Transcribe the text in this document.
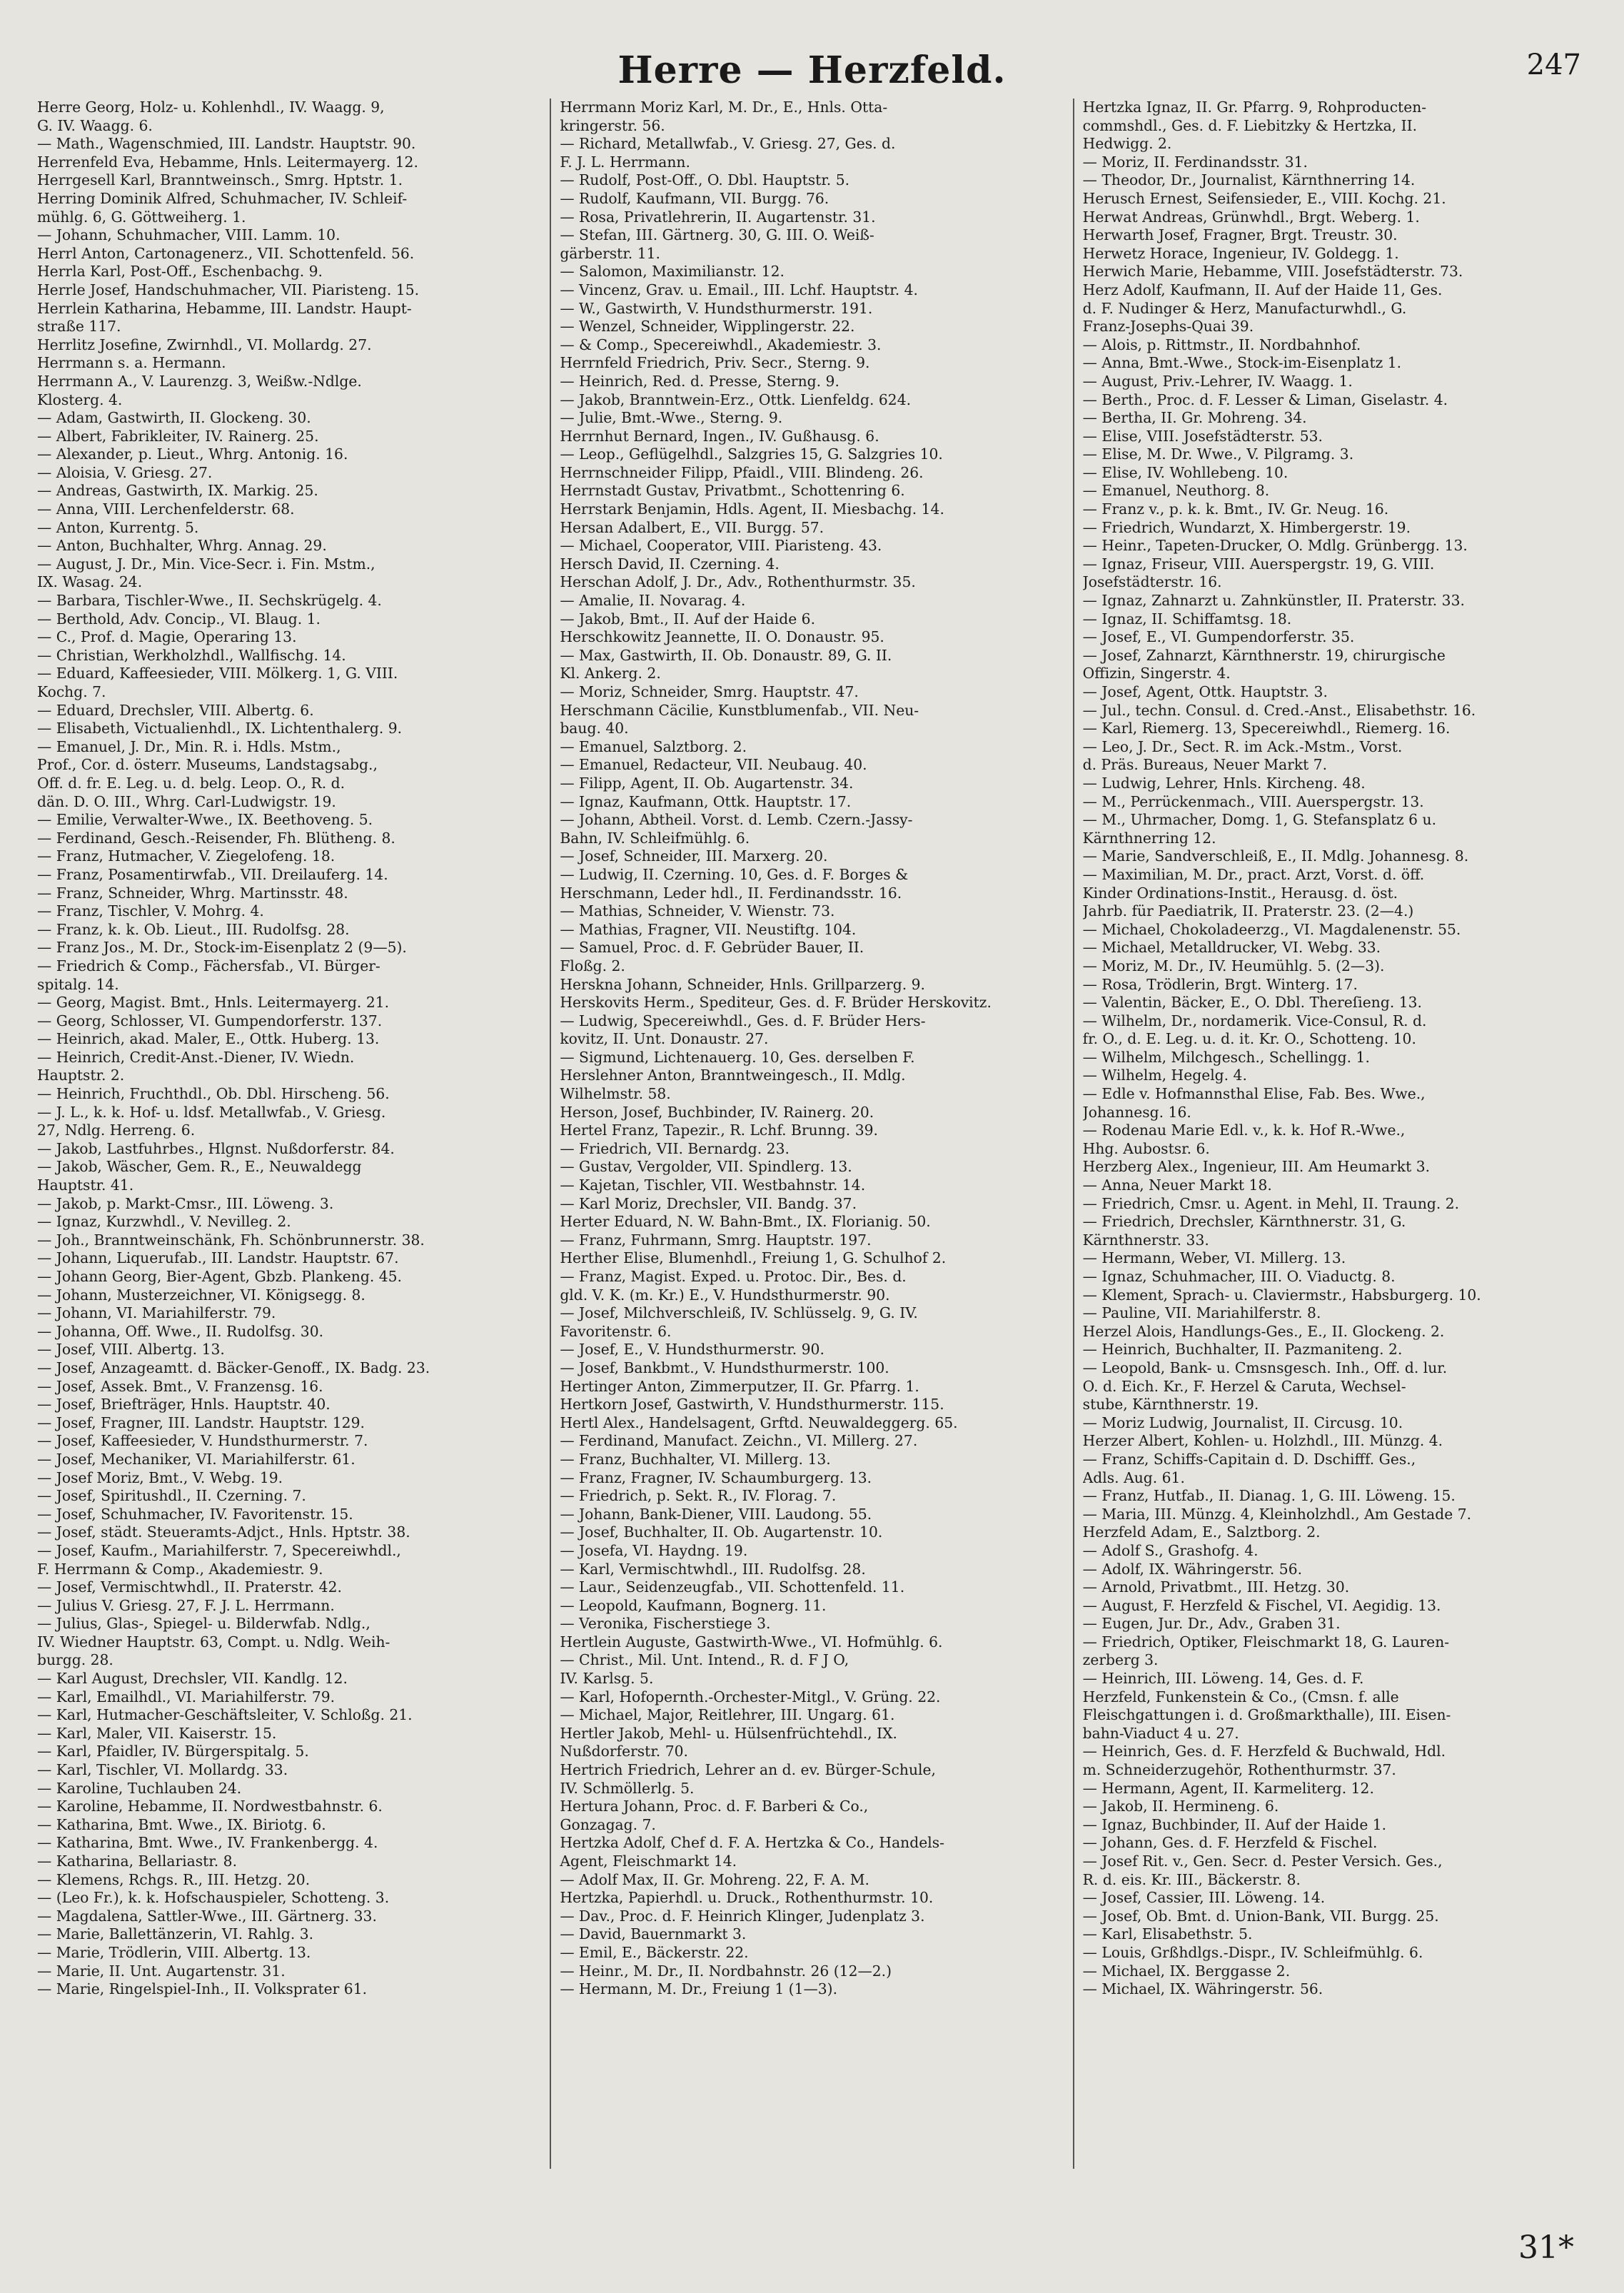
Herre — Herzfeld.	247
Herre Georg, Holz- u. Kohlenhdl., IV. Waagg. 9,
G. IV. Waagg. 6.
— Math., Wagenschmied, III. Landstr. Hauptstr. 90.
Herrenfeld Eva, Hebamme, Hnls. Leitermayerg. 12.
Herrgesell Karl, Branntweinsch., Smrg. Hptstr. 1.
Herring Dominik Alfred, Schuhmacher, IV. Schleif-
mühlg. 6, G. Göttweiherg. 1.
— Johann, Schuhmacher, VIII. Lamm. 10.
Herrl Anton, Cartonagenerz., VII. Schottenfeld. 56.
Herrla Karl, Post-Off., Eschenbachg. 9.
Herrle Josef, Handschuhmacher, VII. Piaristeng. 15.
Herrlein Katharina, Hebamme, III. Landstr. Haupt-
straße 117.
Herrlitz Josefine, Zwirnhdl., VI. Mollardg. 27.
Herrmann s. a. Hermann.
Herrmann A., V. Laurenzg. 3, Weißw.-Ndlge.
Klosterg. 4.
— Adam, Gastwirth, II. Glockeng. 30.
— Albert, Fabrikleiter, IV. Rainerg. 25.
— Alexander, p. Lieut., Whrg. Antonig. 16.
— Aloisia, V. Griesg. 27.
— Andreas, Gastwirth, IX. Markig. 25.
— Anna, VIII. Lerchenfelderstr. 68.
— Anton, Kurrentg. 5.
— Anton, Buchhalter, Whrg. Annag. 29.
— August, J. Dr., Min. Vice-Secr. i. Fin. Mstm.,
IX. Wasag. 24.
— Barbara, Tischler-Wwe., II. Sechskrügelg. 4.
— Berthold, Adv. Concip., VI. Blaug. 1.
— C., Prof. d. Magie, Operaring 13.
— Christian, Werkholzhdl., Wallfischg. 14.
— Eduard, Kaffeesieder, VIII. Mölkerg. 1, G. VIII.
Kochg. 7.
— Eduard, Drechsler, VIII. Albertg. 6.
— Elisabeth, Victualienhdl., IX. Lichtenthalerg. 9.
— Emanuel, J. Dr., Min. R. i. Hdls. Mstm.,
Prof., Cor. d. österr. Museums, Landstagsabg.,
Off. d. fr. E. Leg. u. d. belg. Leop. O., R. d.
dän. D. O. III., Whrg. Carl-Ludwigstr. 19.
— Emilie, Verwalter-Wwe., IX. Beethoveng. 5.
— Ferdinand, Gesch.-Reisender, Fh. Blütheng. 8.
— Franz, Hutmacher, V. Ziegelofeng. 18.
— Franz, Posamentirwfab., VII. Dreilauferg. 14.
— Franz, Schneider, Whrg. Martinsstr. 48.
— Franz, Tischler, V. Mohrg. 4.
— Franz, k. k. Ob. Lieut., III. Rudolfsg. 28.
— Franz Jos., M. Dr., Stock-im-Eisenplatz 2 (9—5).
— Friedrich & Comp., Fächersfab., VI. Bürger-
spitalg. 14.
— Georg, Magist. Bmt., Hnls. Leitermayerg. 21.
— Georg, Schlosser, VI. Gumpendorferstr. 137.
— Heinrich, akad. Maler, E., Ottk. Huberg. 13.
— Heinrich, Credit-Anst.-Diener, IV. Wiedn.
Hauptstr. 2.
— Heinrich, Fruchthdl., Ob. Dbl. Hirscheng. 56.
— J. L., k. k. Hof- u. ldsf. Metallwfab., V. Griesg.
27, Ndlg. Herreng. 6.
— Jakob, Lastfuhrbes., Hlgnst. Nußdorferstr. 84.
— Jakob, Wäscher, Gem. R., E., Neuwaldegg
Hauptstr. 41.
— Jakob, p. Markt-Cmsr., III. Löweng. 3.
— Ignaz, Kurzwhdl., V. Nevilleg. 2.
— Joh., Branntweinschänk, Fh. Schönbrunnerstr. 38.
— Johann, Liquerufab., III. Landstr. Hauptstr. 67.
— Johann Georg, Bier-Agent, Gbzb. Plankeng. 45.
— Johann, Musterzeichner, VI. Königsegg. 8.
— Johann, VI. Mariahilferstr. 79.
— Johanna, Off. Wwe., II. Rudolfsg. 30.
— Josef, VIII. Albertg. 13.
— Josef, Anzageamtt. d. Bäcker-Genoff., IX. Badg. 23.
— Josef, Assek. Bmt., V. Franzensg. 16.
— Josef, Briefträger, Hnls. Hauptstr. 40.
— Josef, Fragner, III. Landstr. Hauptstr. 129.
— Josef, Kaffeesieder, V. Hundsthurmerstr. 7.
— Josef, Mechaniker, VI. Mariahilferstr. 61.
— Josef Moriz, Bmt., V. Webg. 19.
— Josef, Spiritushdl., II. Czerning. 7.
— Josef, Schuhmacher, IV. Favoritenstr. 15.
— Josef, städt. Steueramts-Adjct., Hnls. Hptstr. 38.
— Josef, Kaufm., Mariahilferstr. 7, Specereiwhdl.,
F. Herrmann & Comp., Akademiestr. 9.
— Josef, Vermischtwhdl., II. Praterstr. 42.
— Julius V. Griesg. 27, F. J. L. Herrmann.
— Julius, Glas-, Spiegel- u. Bilderwfab. Ndlg.,
IV. Wiedner Hauptstr. 63, Compt. u. Ndlg. Weih-
burgg. 28.
— Karl August, Drechsler, VII. Kandlg. 12.
— Karl, Emailhdl., VI. Mariahilferstr. 79.
— Karl, Hutmacher-Geschäftsleiter, V. Schloßg. 21.
— Karl, Maler, VII. Kaiserstr. 15.
— Karl, Pfaidler, IV. Bürgerspitalg. 5.
— Karl, Tischler, VI. Mollardg. 33.
— Karoline, Tuchlauben 24.
— Karoline, Hebamme, II. Nordwestbahnstr. 6.
— Katharina, Bmt. Wwe., IX. Biriotg. 6.
— Katharina, Bmt. Wwe., IV. Frankenbergg. 4.
— Katharina, Bellariastr. 8.
— Klemens, Rchgs. R., III. Hetzg. 20.
— (Leo Fr.), k. k. Hofschauspieler, Schotteng. 3.
— Magdalena, Sattler-Wwe., III. Gärtnerg. 33.
— Marie, Ballettänzerin, VI. Rahlg. 3.
— Marie, Trödlerin, VIII. Albertg. 13.
— Marie, II. Unt. Augartenstr. 31.
— Marie, Ringelspiel-Inh., II. Volksprater 61.
Herrmann Moriz Karl, M. Dr., E., Hnls. Otta-
kringerstr. 56.
— Richard, Metallwfab., V. Griesg. 27, Ges. d.
F. J. L. Herrmann.
— Rudolf, Post-Off., O. Dbl. Hauptstr. 5.
— Rudolf, Kaufmann, VII. Burgg. 76.
— Rosa, Privatlehrerin, II. Augartenstr. 31.
— Stefan, III. Gärtnerg. 30, G. III. O. Weiß-
gärberstr. 11.
— Salomon, Maximilianstr. 12.
— Vincenz, Grav. u. Email., III. Lchf. Hauptstr. 4.
— W., Gastwirth, V. Hundsthurmerstr. 191.
— Wenzel, Schneider, Wipplingerstr. 22.
— & Comp., Specereiwhdl., Akademiestr. 3.
Herrnfeld Friedrich, Priv. Secr., Sterng. 9.
— Heinrich, Red. d. Presse, Sterng. 9.
— Jakob, Branntwein-Erz., Ottk. Lienfeldg. 624.
— Julie, Bmt.-Wwe., Sterng. 9.
Herrnhut Bernard, Ingen., IV. Gußhausg. 6.
— Leop., Geflügelhdl., Salzgries 15, G. Salzgries 10.
Herrnschneider Filipp, Pfaidl., VIII. Blindeng. 26.
Herrnstadt Gustav, Privatbmt., Schottenring 6.
Herrstark Benjamin, Hdls. Agent, II. Miesbachg. 14.
Hersan Adalbert, E., VII. Burgg. 57.
— Michael, Cooperator, VIII. Piaristeng. 43.
Hersch David, II. Czerning. 4.
Herschan Adolf, J. Dr., Adv., Rothenthurmstr. 35.
— Amalie, II. Novarag. 4.
— Jakob, Bmt., II. Auf der Haide 6.
Herschkowitz Jeannette, II. O. Donaustr. 95.
— Max, Gastwirth, II. Ob. Donaustr. 89, G. II.
Kl. Ankerg. 2.
— Moriz, Schneider, Smrg. Hauptstr. 47.
Herschmann Cäcilie, Kunstblumenfab., VII. Neu-
baug. 40.
— Emanuel, Salztborg. 2.
— Emanuel, Redacteur, VII. Neubaug. 40.
— Filipp, Agent, II. Ob. Augartenstr. 34.
— Ignaz, Kaufmann, Ottk. Hauptstr. 17.
— Johann, Abtheil. Vorst. d. Lemb. Czern.-Jassy-
Bahn, IV. Schleifmühlg. 6.
— Josef, Schneider, III. Marxerg. 20.
— Ludwig, II. Czerning. 10, Ges. d. F. Borges &
Herschmann, Leder hdl., II. Ferdinandsstr. 16.
— Mathias, Schneider, V. Wienstr. 73.
— Mathias, Fragner, VII. Neustiftg. 104.
— Samuel, Proc. d. F. Gebrüder Bauer, II.
Floßg. 2.
Herskna Johann, Schneider, Hnls. Grillparzerg. 9.
Herskovits Herm., Spediteur, Ges. d. F. Brüder Herskovitz.
— Ludwig, Specereiwhdl., Ges. d. F. Brüder Hers-
kovitz, II. Unt. Donaustr. 27.
— Sigmund, Lichtenauerg. 10, Ges. derselben F.
Herslehner Anton, Branntweingesch., II. Mdlg.
Wilhelmstr. 58.
Herson, Josef, Buchbinder, IV. Rainerg. 20.
Hertel Franz, Tapezir., R. Lchf. Brunng. 39.
— Friedrich, VII. Bernardg. 23.
— Gustav, Vergolder, VII. Spindlerg. 13.
— Kajetan, Tischler, VII. Westbahnstr. 14.
— Karl Moriz, Drechsler, VII. Bandg. 37.
Herter Eduard, N. W. Bahn-Bmt., IX. Florianig. 50.
— Franz, Fuhrmann, Smrg. Hauptstr. 197.
Herther Elise, Blumenhdl., Freiung 1, G. Schulhof 2.
— Franz, Magist. Exped. u. Protoc. Dir., Bes. d.
gld. V. K. (m. Kr.) E., V. Hundsthurmerstr. 90.
— Josef, Milchverschleiß, IV. Schlüsselg. 9, G. IV.
Favoritenstr. 6.
— Josef, E., V. Hundsthurmerstr. 90.
— Josef, Bankbmt., V. Hundsthurmerstr. 100.
Hertinger Anton, Zimmerputzer, II. Gr. Pfarrg. 1.
Hertkorn Josef, Gastwirth, V. Hundsthurmerstr. 115.
Hertl Alex., Handelsagent, Grftd. Neuwaldeggerg. 65.
— Ferdinand, Manufact. Zeichn., VI. Millerg. 27.
— Franz, Buchhalter, VI. Millerg. 13.
— Franz, Fragner, IV. Schaumburgerg. 13.
— Friedrich, p. Sekt. R., IV. Florag. 7.
— Johann, Bank-Diener, VIII. Laudong. 55.
— Josef, Buchhalter, II. Ob. Augartenstr. 10.
— Josefa, VI. Haydng. 19.
— Karl, Vermischtwhdl., III. Rudolfsg. 28.
— Laur., Seidenzeugfab., VII. Schottenfeld. 11.
— Leopold, Kaufmann, Bognerg. 11.
— Veronika, Fischerstiege 3.
Hertlein Auguste, Gastwirth-Wwe., VI. Hofmühlg. 6.
— Christ., Mil. Unt. Intend., R. d. F J O,
IV. Karlsg. 5.
— Karl, Hofopernth.-Orchester-Mitgl., V. Grüng. 22.
— Michael, Major, Reitlehrer, III. Ungarg. 61.
Hertler Jakob, Mehl- u. Hülsenfrüchtehdl., IX.
Nußdorferstr. 70.
Hertrich Friedrich, Lehrer an d. ev. Bürger-Schule,
IV. Schmöllerlg. 5.
Hertura Johann, Proc. d. F. Barberi & Co.,
Gonzagag. 7.
Hertzka Adolf, Chef d. F. A. Hertzka & Co., Handels-
Agent, Fleischmarkt 14.
— Adolf Max, II. Gr. Mohreng. 22, F. A. M.
Hertzka, Papierhdl. u. Druck., Rothenthurmstr. 10.
— Dav., Proc. d. F. Heinrich Klinger, Judenplatz 3.
— David, Bauernmarkt 3.
— Emil, E., Bäckerstr. 22.
— Heinr., M. Dr., II. Nordbahnstr. 26 (12—2.)
— Hermann, M. Dr., Freiung 1 (1—3).
Hertzka Ignaz, II. Gr. Pfarrg. 9, Rohproducten-
commshdl., Ges. d. F. Liebitzky & Hertzka, II.
Hedwigg. 2.
— Moriz, II. Ferdinandsstr. 31.
— Theodor, Dr., Journalist, Kärnthnerring 14.
Herusch Ernest, Seifensieder, E., VIII. Kochg. 21.
Herwat Andreas, Grünwhdl., Brgt. Weberg. 1.
Herwarth Josef, Fragner, Brgt. Treustr. 30.
Herwetz Horace, Ingenieur, IV. Goldegg. 1.
Herwich Marie, Hebamme, VIII. Josefstädterstr. 73.
Herz Adolf, Kaufmann, II. Auf der Haide 11, Ges.
d. F. Nudinger & Herz, Manufacturwhdl., G.
Franz-Josephs-Quai 39.
— Alois, p. Rittmstr., II. Nordbahnhof.
— Anna, Bmt.-Wwe., Stock-im-Eisenplatz 1.
— August, Priv.-Lehrer, IV. Waagg. 1.
— Berth., Proc. d. F. Lesser & Liman, Giselastr. 4.
— Bertha, II. Gr. Mohreng. 34.
— Elise, VIII. Josefstädterstr. 53.
— Elise, M. Dr. Wwe., V. Pilgramg. 3.
— Elise, IV. Wohllebeng. 10.
— Emanuel, Neuthorg. 8.
— Franz v., p. k. k. Bmt., IV. Gr. Neug. 16.
— Friedrich, Wundarzt, X. Himbergerstr. 19.
— Heinr., Tapeten-Drucker, O. Mdlg. Grünbergg. 13.
— Ignaz, Friseur, VIII. Auerspergstr. 19, G. VIII.
Josefstädterstr. 16.
— Ignaz, Zahnarzt u. Zahnkünstler, II. Praterstr. 33.
— Ignaz, II. Schiffamtsg. 18.
— Josef, E., VI. Gumpendorferstr. 35.
— Josef, Zahnarzt, Kärnthnerstr. 19, chirurgische
Offizin, Singerstr. 4.
— Josef, Agent, Ottk. Hauptstr. 3.
— Jul., techn. Consul. d. Cred.-Anst., Elisabethstr. 16.
— Karl, Riemerg. 13, Specereiwhdl., Riemerg. 16.
— Leo, J. Dr., Sect. R. im Ack.-Mstm., Vorst.
d. Präs. Bureaus, Neuer Markt 7.
— Ludwig, Lehrer, Hnls. Kircheng. 48.
— M., Perrückenmach., VIII. Auerspergstr. 13.
— M., Uhrmacher, Domg. 1, G. Stefansplatz 6 u.
Kärnthnerring 12.
— Marie, Sandverschleiß, E., II. Mdlg. Johannesg. 8.
— Maximilian, M. Dr., pract. Arzt, Vorst. d. öff.
Kinder Ordinations-Instit., Herausg. d. öst.
Jahrb. für Paediatrik, II. Praterstr. 23. (2—4.)
— Michael, Chokoladeerzg., VI. Magdalenenstr. 55.
— Michael, Metalldrucker, VI. Webg. 33.
— Moriz, M. Dr., IV. Heumühlg. 5. (2—3).
— Rosa, Trödlerin, Brgt. Winterg. 17.
— Valentin, Bäcker, E., O. Dbl. Thereſieng. 13.
— Wilhelm, Dr., nordamerik. Vice-Consul, R. d.
fr. O., d. E. Leg. u. d. it. Kr. O., Schotteng. 10.
— Wilhelm, Milchgesch., Schellingg. 1.
— Wilhelm, Hegelg. 4.
— Edle v. Hofmannsthal Elise, Fab. Bes. Wwe.,
Johannesg. 16.
— Rodenau Marie Edl. v., k. k. Hof R.-Wwe.,
Hhg. Aubostsr. 6.
Herzberg Alex., Ingenieur, III. Am Heumarkt 3.
— Anna, Neuer Markt 18.
— Friedrich, Cmsr. u. Agent. in Mehl, II. Traung. 2.
— Friedrich, Drechsler, Kärnthnerstr. 31, G.
Kärnthnerstr. 33.
— Hermann, Weber, VI. Millerg. 13.
— Ignaz, Schuhmacher, III. O. Viaductg. 8.
— Klement, Sprach- u. Claviermstr., Habsburgerg. 10.
— Pauline, VII. Mariahilferstr. 8.
Herzel Alois, Handlungs-Ges., E., II. Glockeng. 2.
— Heinrich, Buchhalter, II. Pazmaniteng. 2.
— Leopold, Bank- u. Cmsnsgesch. Inh., Off. d. lur.
O. d. Eich. Kr., F. Herzel & Caruta, Wechsel-
stube, Kärnthnerstr. 19.
— Moriz Ludwig, Journalist, II. Circusg. 10.
Herzer Albert, Kohlen- u. Holzhdl., III. Münzg. 4.
— Franz, Schiffs-Capitain d. D. Dschifff. Ges.,
Adls. Aug. 61.
— Franz, Hutfab., II. Dianag. 1, G. III. Löweng. 15.
— Maria, III. Münzg. 4, Kleinholzhdl., Am Gestade 7.
Herzfeld Adam, E., Salztborg. 2.
— Adolf S., Grashofg. 4.
— Adolf, IX. Währingerstr. 56.
— Arnold, Privatbmt., III. Hetzg. 30.
— August, F. Herzfeld & Fischel, VI. Aegidig. 13.
— Eugen, Jur. Dr., Adv., Graben 31.
— Friedrich, Optiker, Fleischmarkt 18, G. Lauren-
zerberg 3.
— Heinrich, III. Löweng. 14, Ges. d. F.
Herzfeld, Funkenstein & Co., (Cmsn. f. alle
Fleischgattungen i. d. Großmarkthalle), III. Eisen-
bahn-Viaduct 4 u. 27.
— Heinrich, Ges. d. F. Herzfeld & Buchwald, Hdl.
m. Schneiderzugehör, Rothenthurmstr. 37.
— Hermann, Agent, II. Karmeliterg. 12.
— Jakob, II. Hermineng. 6.
— Ignaz, Buchbinder, II. Auf der Haide 1.
— Johann, Ges. d. F. Herzfeld & Fischel.
— Josef Rit. v., Gen. Secr. d. Pester Versich. Ges.,
R. d. eis. Kr. III., Bäckerstr. 8.
— Josef, Cassier, III. Löweng. 14.
— Josef, Ob. Bmt. d. Union-Bank, VII. Burgg. 25.
— Karl, Elisabethstr. 5.
— Louis, Grßhdlgs.-Dispr., IV. Schleifmühlg. 6.
— Michael, IX. Berggasse 2.
— Michael, IX. Währingerstr. 56.
31*
